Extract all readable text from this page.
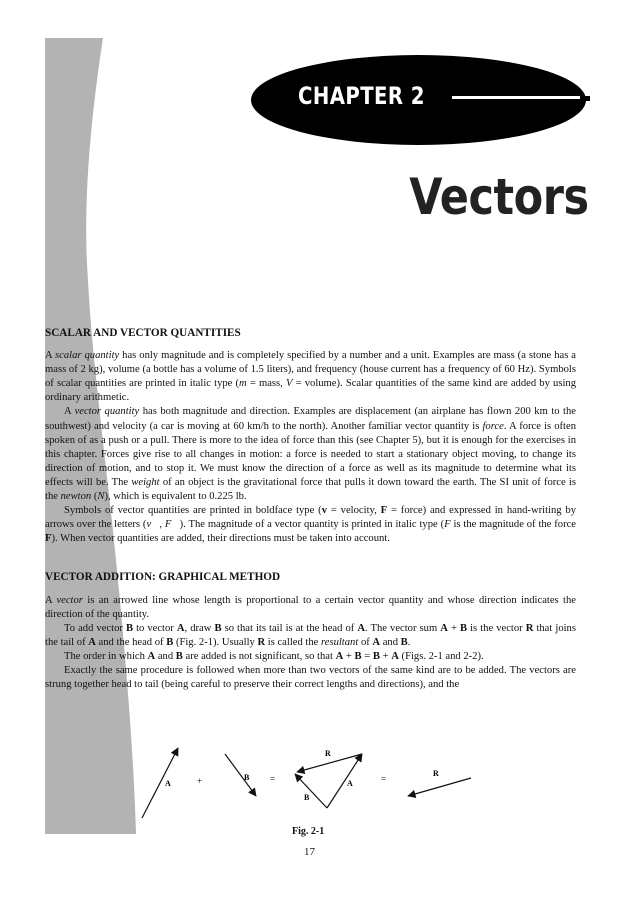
CHAPTER 2
Vectors
SCALAR AND VECTOR QUANTITIES

A scalar quantity has only magnitude and is completely specified by a number and a unit. Examples are mass (a stone has a mass of 2 kg), volume (a bottle has a volume of 1.5 liters), and frequency (house current has a frequency of 60 Hz). Symbols of scalar quantities are printed in italic type (m = mass, V = volume). Scalar quantities of the same kind are added by using ordinary arithmetic.

A vector quantity has both magnitude and direction. Examples are displacement (an airplane has flown 200 km to the southwest) and velocity (a car is moving at 60 km/h to the north). Another familiar vector quantity is force. A force is often spoken of as a push or a pull. There is more to the idea of force than this (see Chapter 5), but it is enough for the exercises in this chapter. Forces give rise to all changes in motion: a force is needed to start a stationary object moving, to change its direction of motion, and to stop it. We must know the direction of a force as well as its magnitude to determine what its effects will be. The weight of an object is the gravitational force that pulls it down toward the earth. The SI unit of force is the newton (N), which is equivalent to 0.225 lb.

Symbols of vector quantities are printed in boldface type (v = velocity, F = force) and expressed in hand-writing by arrows over the letters (v⃗, F⃗). The magnitude of a vector quantity is printed in italic type (F is the magnitude of the force F). When vector quantities are added, their directions must be taken into account.

VECTOR ADDITION: GRAPHICAL METHOD

A vector is an arrowed line whose length is proportional to a certain vector quantity and whose direction indicates the direction of the quantity.

To add vector B to vector A, draw B so that its tail is at the head of A. The vector sum A + B is the vector R that joins the tail of A and the head of B (Fig. 2-1). Usually R is called the resultant of A and B.

The order in which A and B are added is not significant, so that A + B = B + A (Figs. 2-1 and 2-2).

Exactly the same procedure is followed when more than two vectors of the same kind are to be added. The vectors are strung together head to tail (being careful to preserve their correct lengths and directions), and the

A	+	B =
R
A
B
=
R
Fig. 2-1
17
